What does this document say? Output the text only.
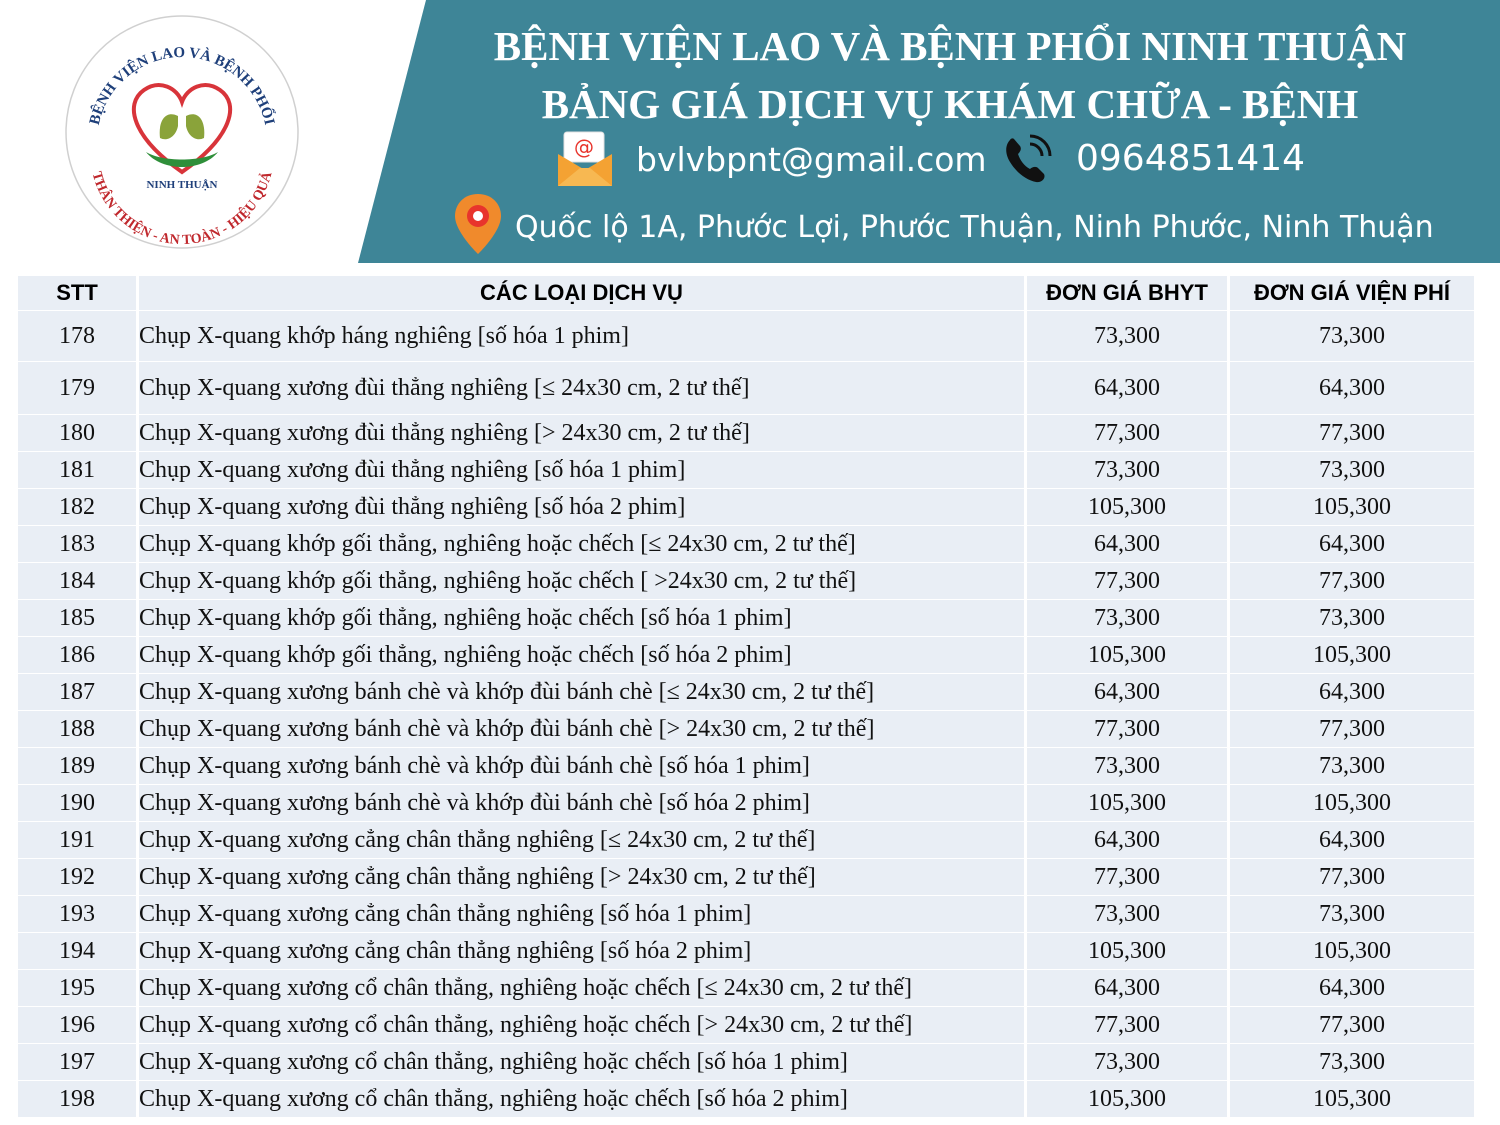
BỆNH VIỆN LAO VÀ BỆNH PHỔI
THÂN THIỆN - AN TOÀN - HIỆU QUẢ
NINH THUẬN
BỆNH VIỆN LAO VÀ BỆNH PHỔI NINH THUẬN
BẢNG GIÁ DỊCH VỤ KHÁM CHỮA - BỆNH
@ bvlvbpnt@gmail.com 0964851414
Quốc lộ 1A, Phước Lợi, Phước Thuận, Ninh Phước, Ninh Thuận
STT	CÁC LOẠI DỊCH VỤ	ĐƠN GIÁ BHYT	ĐƠN GIÁ VIỆN PHÍ
178	Chụp X-quang khớp háng nghiêng [số hóa 1 phim]	73,300	73,300
179	Chụp X-quang xương đùi thẳng nghiêng [≤ 24x30 cm, 2 tư thế]	64,300	64,300
180	Chụp X-quang xương đùi thẳng nghiêng [> 24x30 cm, 2 tư thế]	77,300	77,300
181	Chụp X-quang xương đùi thẳng nghiêng [số hóa 1 phim]	73,300	73,300
182	Chụp X-quang xương đùi thẳng nghiêng [số hóa 2 phim]	105,300	105,300
183	Chụp X-quang khớp gối thẳng, nghiêng hoặc chếch [≤ 24x30 cm, 2 tư thế]	64,300	64,300
184	Chụp X-quang khớp gối thẳng, nghiêng hoặc chếch [ >24x30 cm, 2 tư thế]	77,300	77,300
185	Chụp X-quang khớp gối thẳng, nghiêng hoặc chếch [số hóa 1 phim]	73,300	73,300
186	Chụp X-quang khớp gối thẳng, nghiêng hoặc chếch [số hóa 2 phim]	105,300	105,300
187	Chụp X-quang xương bánh chè và khớp đùi bánh chè [≤ 24x30 cm, 2 tư thế]	64,300	64,300
188	Chụp X-quang xương bánh chè và khớp đùi bánh chè [> 24x30 cm, 2 tư thế]	77,300	77,300
189	Chụp X-quang xương bánh chè và khớp đùi bánh chè [số hóa 1 phim]	73,300	73,300
190	Chụp X-quang xương bánh chè và khớp đùi bánh chè [số hóa 2 phim]	105,300	105,300
191	Chụp X-quang xương cẳng chân thẳng nghiêng [≤ 24x30 cm, 2 tư thế]	64,300	64,300
192	Chụp X-quang xương cẳng chân thẳng nghiêng [> 24x30 cm, 2 tư thế]	77,300	77,300
193	Chụp X-quang xương cẳng chân thẳng nghiêng [số hóa 1 phim]	73,300	73,300
194	Chụp X-quang xương cẳng chân thẳng nghiêng [số hóa 2 phim]	105,300	105,300
195	Chụp X-quang xương cổ chân thẳng, nghiêng hoặc chếch [≤ 24x30 cm, 2 tư thế]	64,300	64,300
196	Chụp X-quang xương cổ chân thẳng, nghiêng hoặc chếch [> 24x30 cm, 2 tư thế]	77,300	77,300
197	Chụp X-quang xương cổ chân thẳng, nghiêng hoặc chếch [số hóa 1 phim]	73,300	73,300
198	Chụp X-quang xương cổ chân thẳng, nghiêng hoặc chếch [số hóa 2 phim]	105,300	105,300
